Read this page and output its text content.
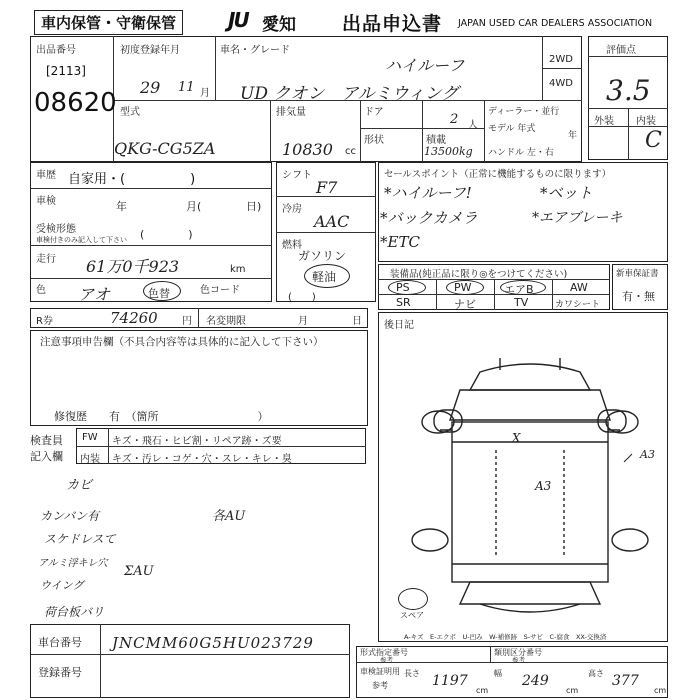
車内保管・守衛保管	JU 愛知 出品申込書 JAPAN USED CAR DEALERS ASSOCIATION
出品番号
[2113]
08620
初度登録年月
29 11 月
車名・グレード
ハイルーフ
UD クオン　アルミウィング
2WD
4WD
型式
QKG-CG5ZA
排気量
10830 cc
ドア	2 人
形状	積載
13500kg
ディーラー・並行
モデル 年式
年
ハンドル 左・右
評価点
3.5
外装 内装
C
車歴 自家用・(　　　　　)
車検	年	月(	日)
受検形態
車検付きのみ記入して下さい (　　　　)
走行 61万0千923	km
色 アオ	色替	色コード
シフト
F7
冷房
AAC
燃料
ガソリン
軽油
(　　)
セールスポイント（正常に機能するものに限ります）
*ハイルーフ!	*ベット
*バックカメラ	*エアブレーキ
*ETC
装備品(純正品に限り◎をつけてください)
PS	PW	エアB	AW
SR	ナビ	TV	カワシート
新車保証書
有・無
R券	74260 円 名変期限	月	日
注意事項申告欄（不具合内容等は具体的に記入して下さい）
修復歴　　有　（箇所　　　　　　　　　）
後日記
X
A3
A3
スペア
A-キズ　E-エクボ　U-凹み　W-補修跡　S-サビ　C-腐食　XX-交換済
検査員
記入欄
FW キズ・飛石・ヒビ割・リペア跡・ズ要
内装 キズ・汚レ・コゲ・穴・スレ・キレ・臭
カビ
カンバン有	各AU
スケドレスて
アルミ浮キレ穴
ウイング
ΣAU
荷台板バリ
車台番号 JNCMM60G5HU023729
登録番号
形式指定番号
参考
類別区分番号
参考
車検証明用
参考
長さ 1197
cm
幅 249
cm
高さ 377
cm
